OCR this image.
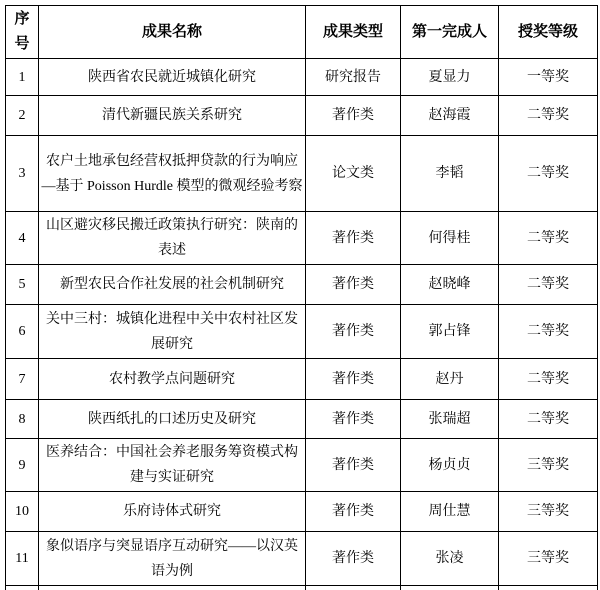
序号	成果名称	成果类型	第一完成人	授奖等级
1	陕西省农民就近城镇化研究	研究报告	夏显力	一等奖
2	清代新疆民族关系研究	著作类	赵海霞	二等奖
3	农户土地承包经营权抵押贷款的行为响应—基于 Poisson Hurdle 模型的微观经验考察	论文类	李韬	二等奖
4	山区避灾移民搬迁政策执行研究：陕南的表述	著作类	何得桂	二等奖
5	新型农民合作社发展的社会机制研究	著作类	赵晓峰	二等奖
6	关中三村：城镇化进程中关中农村社区发展研究	著作类	郭占锋	二等奖
7	农村教学点问题研究	著作类	赵丹	二等奖
8	陕西纸扎的口述历史及研究	著作类	张瑞超	二等奖
9	医养结合：中国社会养老服务筹资模式构建与实证研究	著作类	杨贞贞	三等奖
10	乐府诗体式研究	著作类	周仕慧	三等奖
11	象似语序与突显语序互动研究——以汉英语为例	著作类	张凌	三等奖
